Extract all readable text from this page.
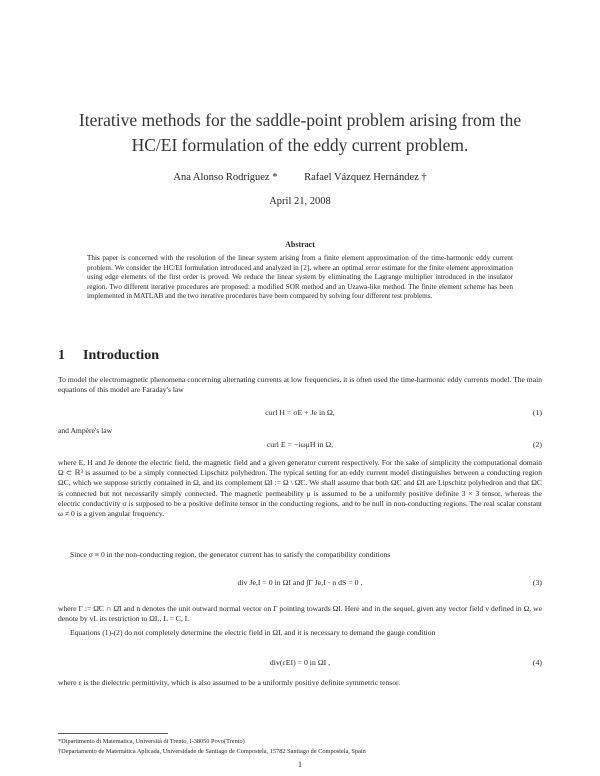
Iterative methods for the saddle-point problem arising from the
HC/EI formulation of the eddy current problem.
Ana Alonso Rodríguez *	Rafael Vázquez Hernández †
April 21, 2008
Abstract
This paper is concerned with the resolution of the linear system arising from a finite element approximation of the time-harmonic eddy current problem. We consider the HC/EI formulation introduced and analyzed in [2], where an optimal error estimate for the finite element approximation using edge elements of the first order is proved. We reduce the linear system by eliminating the Lagrange multiplier introduced in the insulator region. Two different iterative procedures are proposed: a modified SOR method and an Uzawa-like method. The finite element scheme has been implemented in MATLAB and the two iterative procedures have been compared by solving four different test problems.
1 Introduction
To model the electromagnetic phenomena concerning alternating currents at low frequencies, it is often used the time-harmonic eddy currents model. The main equations of this model are Faraday's law
curl H = σE + Je in Ω,	(1)
and Ampère's law
curl E = −iωμH in Ω,	(2)
where E, H and Je denote the electric field, the magnetic field and a given generator current respectively. For the sake of simplicity the computational domain Ω ⊂ ℝ³ is assumed to be a simply connected Lipschitz polyhedron. The typical setting for an eddy current model distinguishes between a conducting region ΩC, which we suppose strictly contained in Ω, and its complement ΩI := Ω \ Ω̄C. We shall assume that both ΩC and ΩI are Lipschitz polyhedron and that ΩC is connected but not necessarily simply connected. The magnetic permeability μ is assumed to be a uniformly positive definite 3 × 3 tensor, whereas the electric conductivity σ is supposed to be a positive definite tensor in the conducting regions, and to be null in non-conducting regions. The real scalar constant ω ≠ 0 is a given angular frequency.
Since σ ≡ 0 in the non-conducting region, the generator current has to satisfy the compatibility conditions
div Je,I = 0 in ΩI and ∫Γ Je,I · n dS = 0 ,	(3)
where Γ := Ω̄C ∩ Ω̄I and n denotes the unit outward normal vector on Γ pointing towards ΩI. Here and in the sequel, given any vector field v defined in Ω, we denote by vL its restriction to ΩL, L = C, I.
Equations (1)-(2) do not completely determine the electric field in ΩI, and it is necessary to demand the gauge condition
div(εEI) = 0 in ΩI ,	(4)
where ε is the dielectric permittivity, which is also assumed to be a uniformly positive definite symmetric tensor.
*Dipartimento di Matematica, Università di Trento, I-38050 Povo(Trento)
†Departamento de Matemática Aplicada, Universidade de Santiago de Compostela, 15782 Santiago de Compostela, Spain
1
